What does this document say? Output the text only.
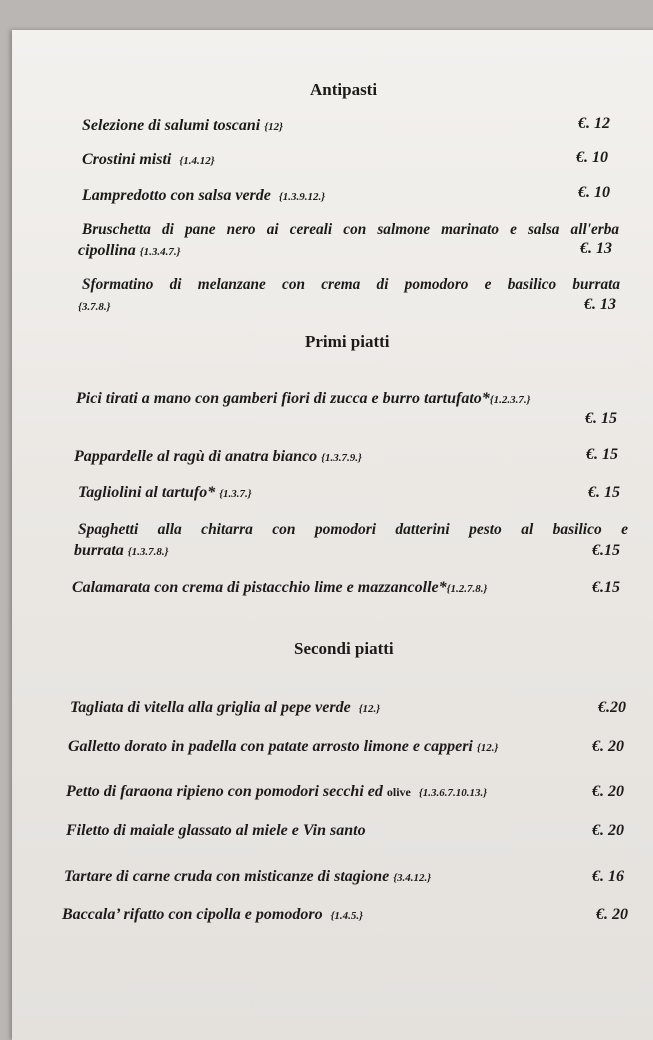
Antipasti
Selezione di salumi toscani {12}	€. 12
Crostini misti {1.4.12}	€. 10
Lampredotto con salsa verde {1.3.9.12.}	€. 10
Bruschetta di pane nero ai cereali con salmone marinato e salsa all'erba
cipollina {1.3.4.7.}	€. 13
Sformatino di melanzane con crema di pomodoro e basilico burrata
{3.7.8.}	€. 13
Primi piatti
Pici tirati a mano con gamberi fiori di zucca e burro tartufato*{1.2.3.7.}
€. 15
Pappardelle al ragù di anatra bianco {1.3.7.9.}	€. 15
Tagliolini al tartufo* {1.3.7.}	€. 15
Spaghetti alla chitarra con pomodori datterini pesto al basilico e
burrata {1.3.7.8.}	€.15
Calamarata con crema di pistacchio lime e mazzancolle*{1.2.7.8.}	€.15
Secondi piatti
Tagliata di vitella alla griglia al pepe verde {12.}	€.20
Galletto dorato in padella con patate arrosto limone e capperi {12.}	€. 20
Petto di faraona ripieno con pomodori secchi ed olive {1.3.6.7.10.13.}	€. 20
Filetto di maiale glassato al miele e Vin santo	€. 20
Tartare di carne cruda con misticanze di stagione {3.4.12.}	€. 16
Baccala’ rifatto con cipolla e pomodoro {1.4.5.}	€. 20
